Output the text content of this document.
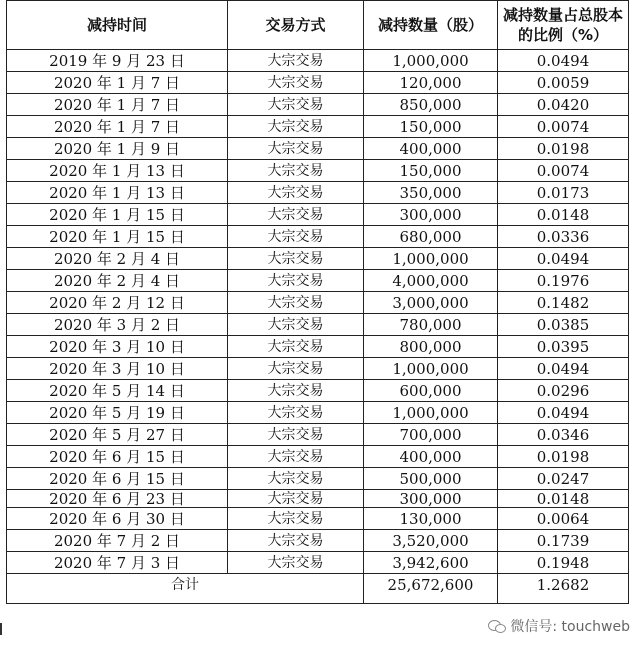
减持时间	交易方式	减持数量（股）	减持数量占总股本的比例（%）
2019 年 9 月 23 日	大宗交易	1,000,000	0.0494
2020 年 1 月 7 日	大宗交易	120,000	0.0059
2020 年 1 月 7 日	大宗交易	850,000	0.0420
2020 年 1 月 7 日	大宗交易	150,000	0.0074
2020 年 1 月 9 日	大宗交易	400,000	0.0198
2020 年 1 月 13 日	大宗交易	150,000	0.0074
2020 年 1 月 13 日	大宗交易	350,000	0.0173
2020 年 1 月 15 日	大宗交易	300,000	0.0148
2020 年 1 月 15 日	大宗交易	680,000	0.0336
2020 年 2 月 4 日	大宗交易	1,000,000	0.0494
2020 年 2 月 4 日	大宗交易	4,000,000	0.1976
2020 年 2 月 12 日	大宗交易	3,000,000	0.1482
2020 年 3 月 2 日	大宗交易	780,000	0.0385
2020 年 3 月 10 日	大宗交易	800,000	0.0395
2020 年 3 月 10 日	大宗交易	1,000,000	0.0494
2020 年 5 月 14 日	大宗交易	600,000	0.0296
2020 年 5 月 19 日	大宗交易	1,000,000	0.0494
2020 年 5 月 27 日	大宗交易	700,000	0.0346
2020 年 6 月 15 日	大宗交易	400,000	0.0198
2020 年 6 月 15 日	大宗交易	500,000	0.0247
2020 年 6 月 23 日	大宗交易	300,000	0.0148
2020 年 6 月 30 日	大宗交易	130,000	0.0064
2020 年 7 月 2 日	大宗交易	3,520,000	0.1739
2020 年 7 月 3 日	大宗交易	3,942,600	0.1948
合计		25,672,600	1.2682
微信号: touchweb
